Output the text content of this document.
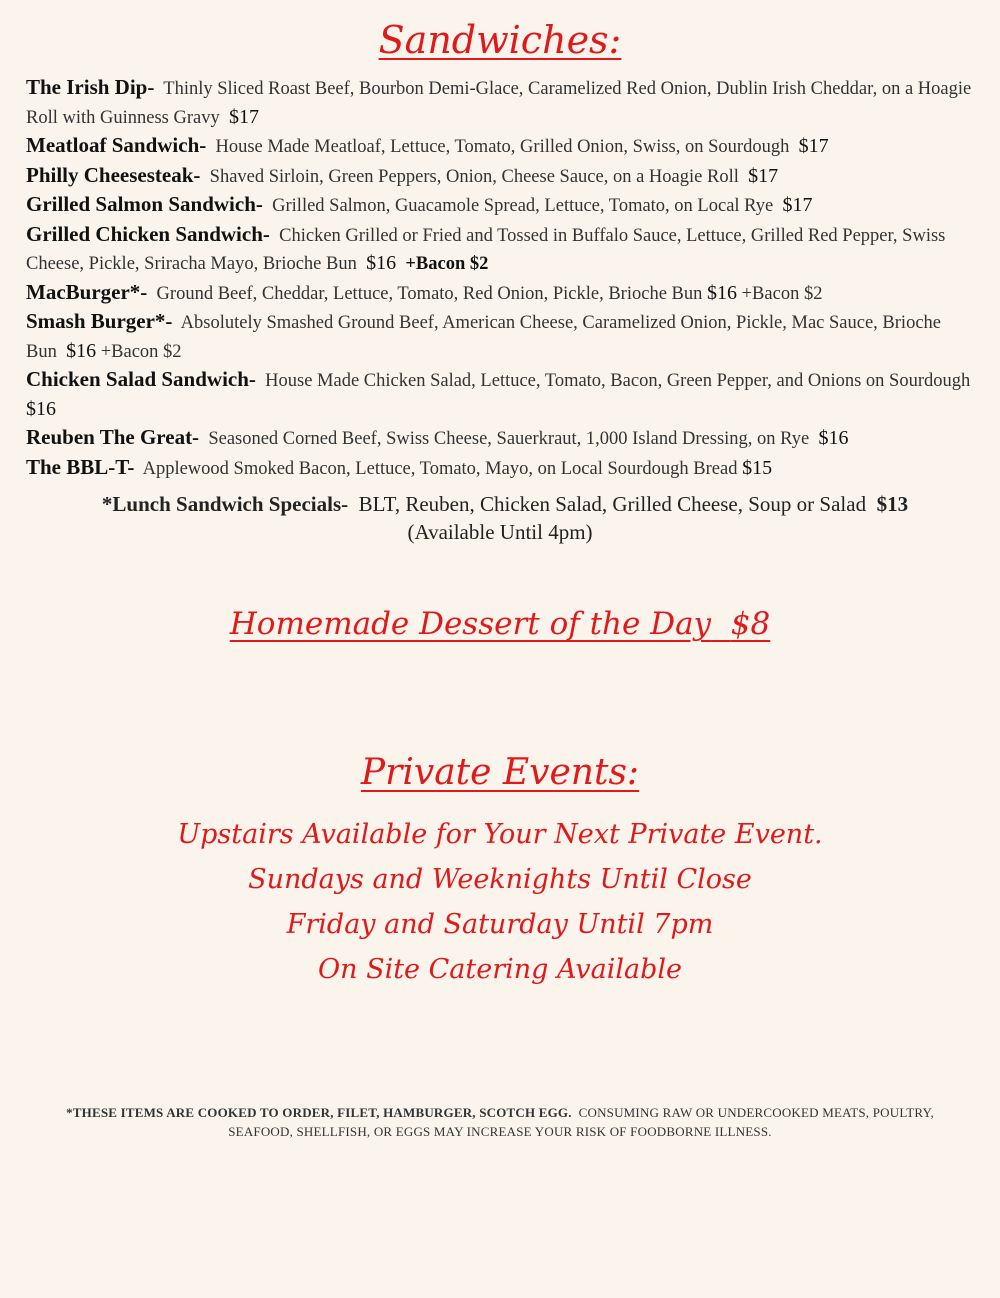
Sandwiches:
The Irish Dip- Thinly Sliced Roast Beef, Bourbon Demi-Glace, Caramelized Red Onion, Dublin Irish Cheddar, on a Hoagie Roll with Guinness Gravy $17
Meatloaf Sandwich- House Made Meatloaf, Lettuce, Tomato, Grilled Onion, Swiss, on Sourdough $17
Philly Cheesesteak- Shaved Sirloin, Green Peppers, Onion, Cheese Sauce, on a Hoagie Roll $17
Grilled Salmon Sandwich- Grilled Salmon, Guacamole Spread, Lettuce, Tomato, on Local Rye $17
Grilled Chicken Sandwich- Chicken Grilled or Fried and Tossed in Buffalo Sauce, Lettuce, Grilled Red Pepper, Swiss Cheese, Pickle, Sriracha Mayo, Brioche Bun $16 +Bacon $2
MacBurger*- Ground Beef, Cheddar, Lettuce, Tomato, Red Onion, Pickle, Brioche Bun $16 +Bacon $2
Smash Burger*- Absolutely Smashed Ground Beef, American Cheese, Caramelized Onion, Pickle, Mac Sauce, Brioche Bun $16 +Bacon $2
Chicken Salad Sandwich- House Made Chicken Salad, Lettuce, Tomato, Bacon, Green Pepper, and Onions on Sourdough  $16
Reuben The Great- Seasoned Corned Beef, Swiss Cheese, Sauerkraut, 1,000 Island Dressing, on Rye $16
The BBL-T- Applewood Smoked Bacon, Lettuce, Tomato, Mayo, on Local Sourdough Bread $15
*Lunch Sandwich Specials- BLT, Reuben, Chicken Salad, Grilled Cheese, Soup or Salad $13
(Available Until 4pm)
Homemade Dessert of the Day $8
Private Events:
Upstairs Available for Your Next Private Event.
Sundays and Weeknights Until Close
Friday and Saturday Until 7pm
On Site Catering Available
*THESE ITEMS ARE COOKED TO ORDER, FILET, HAMBURGER, SCOTCH EGG. CONSUMING RAW OR UNDERCOOKED MEATS, POULTRY, SEAFOOD, SHELLFISH, OR EGGS MAY INCREASE YOUR RISK OF FOODBORNE ILLNESS.
